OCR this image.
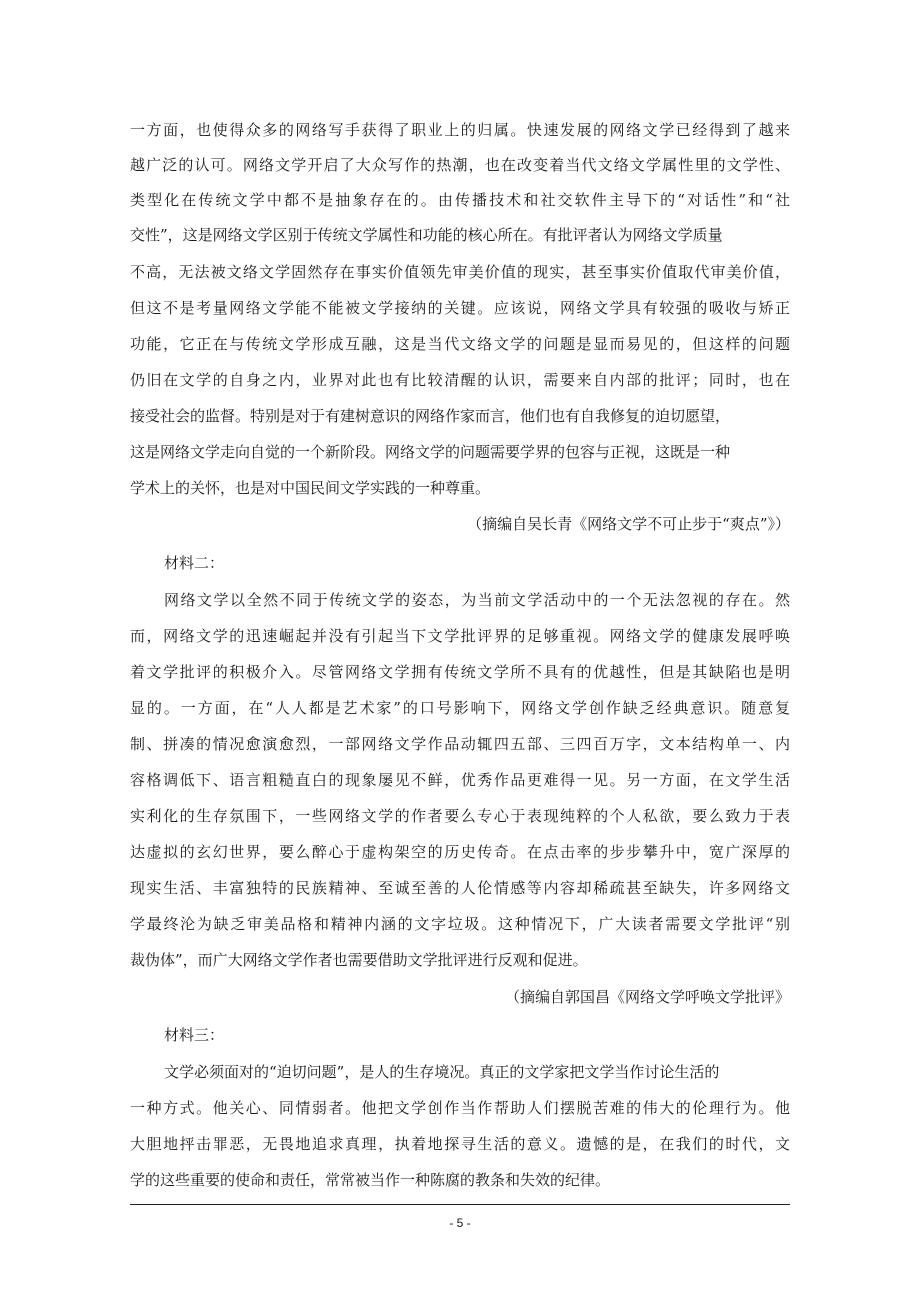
一方面，也使得众多的网络写手获得了职业上的归属。快速发展的网络文学已经得到了越来
越广泛的认可。网络文学开启了大众写作的热潮，也在改变着当代文络文学属性里的文学性、
类型化在传统文学中都不是抽象存在的。由传播技术和社交软件主导下的“对话性”和“社
交性”，这是网络文学区别于传统文学属性和功能的核心所在。有批评者认为网络文学质量
不高，无法被文络文学固然存在事实价值领先审美价值的现实，甚至事实价值取代审美价值，
但这不是考量网络文学能不能被文学接纳的关键。应该说，网络文学具有较强的吸收与矫正
功能，它正在与传统文学形成互融，这是当代文络文学的问题是显而易见的，但这样的问题
仍旧在文学的自身之内，业界对此也有比较清醒的认识，需要来自内部的批评；同时，也在
接受社会的监督。特别是对于有建树意识的网络作家而言，他们也有自我修复的迫切愿望，
这是网络文学走向自觉的一个新阶段。网络文学的问题需要学界的包容与正视，这既是一种
学术上的关怀，也是对中国民间文学实践的一种尊重。
（摘编自吴长青《网络文学不可止步于“爽点”》）
材料二：
网络文学以全然不同于传统文学的姿态，为当前文学活动中的一个无法忽视的存在。然
而，网络文学的迅速崛起并没有引起当下文学批评界的足够重视。网络文学的健康发展呼唤
着文学批评的积极介入。尽管网络文学拥有传统文学所不具有的优越性，但是其缺陷也是明
显的。一方面，在“人人都是艺术家”的口号影响下，网络文学创作缺乏经典意识。随意复
制、拼凑的情况愈演愈烈，一部网络文学作品动辄四五部、三四百万字，文本结构单一、内
容格调低下、语言粗糙直白的现象屡见不鲜，优秀作品更难得一见。另一方面，在文学生活
实利化的生存氛围下，一些网络文学的作者要么专心于表现纯粹的个人私欲，要么致力于表
达虚拟的玄幻世界，要么醉心于虚构架空的历史传奇。在点击率的步步攀升中，宽广深厚的
现实生活、丰富独特的民族精神、至诚至善的人伦情感等内容却稀疏甚至缺失，许多网络文
学最终沦为缺乏审美品格和精神内涵的文字垃圾。这种情况下，广大读者需要文学批评“别
裁伪体”，而广大网络文学作者也需要借助文学批评进行反观和促进。
（摘编自郭国昌《网络文学呼唤文学批评》
材料三：
文学必须面对的“迫切问题”，是人的生存境况。真正的文学家把文学当作讨论生活的
一种方式。他关心、同情弱者。他把文学创作当作帮助人们摆脱苦难的伟大的伦理行为。他
大胆地抨击罪恶，无畏地追求真理，执着地探寻生活的意义。遗憾的是，在我们的时代，文
学的这些重要的使命和责任，常常被当作一种陈腐的教条和失效的纪律。
- 5 -
